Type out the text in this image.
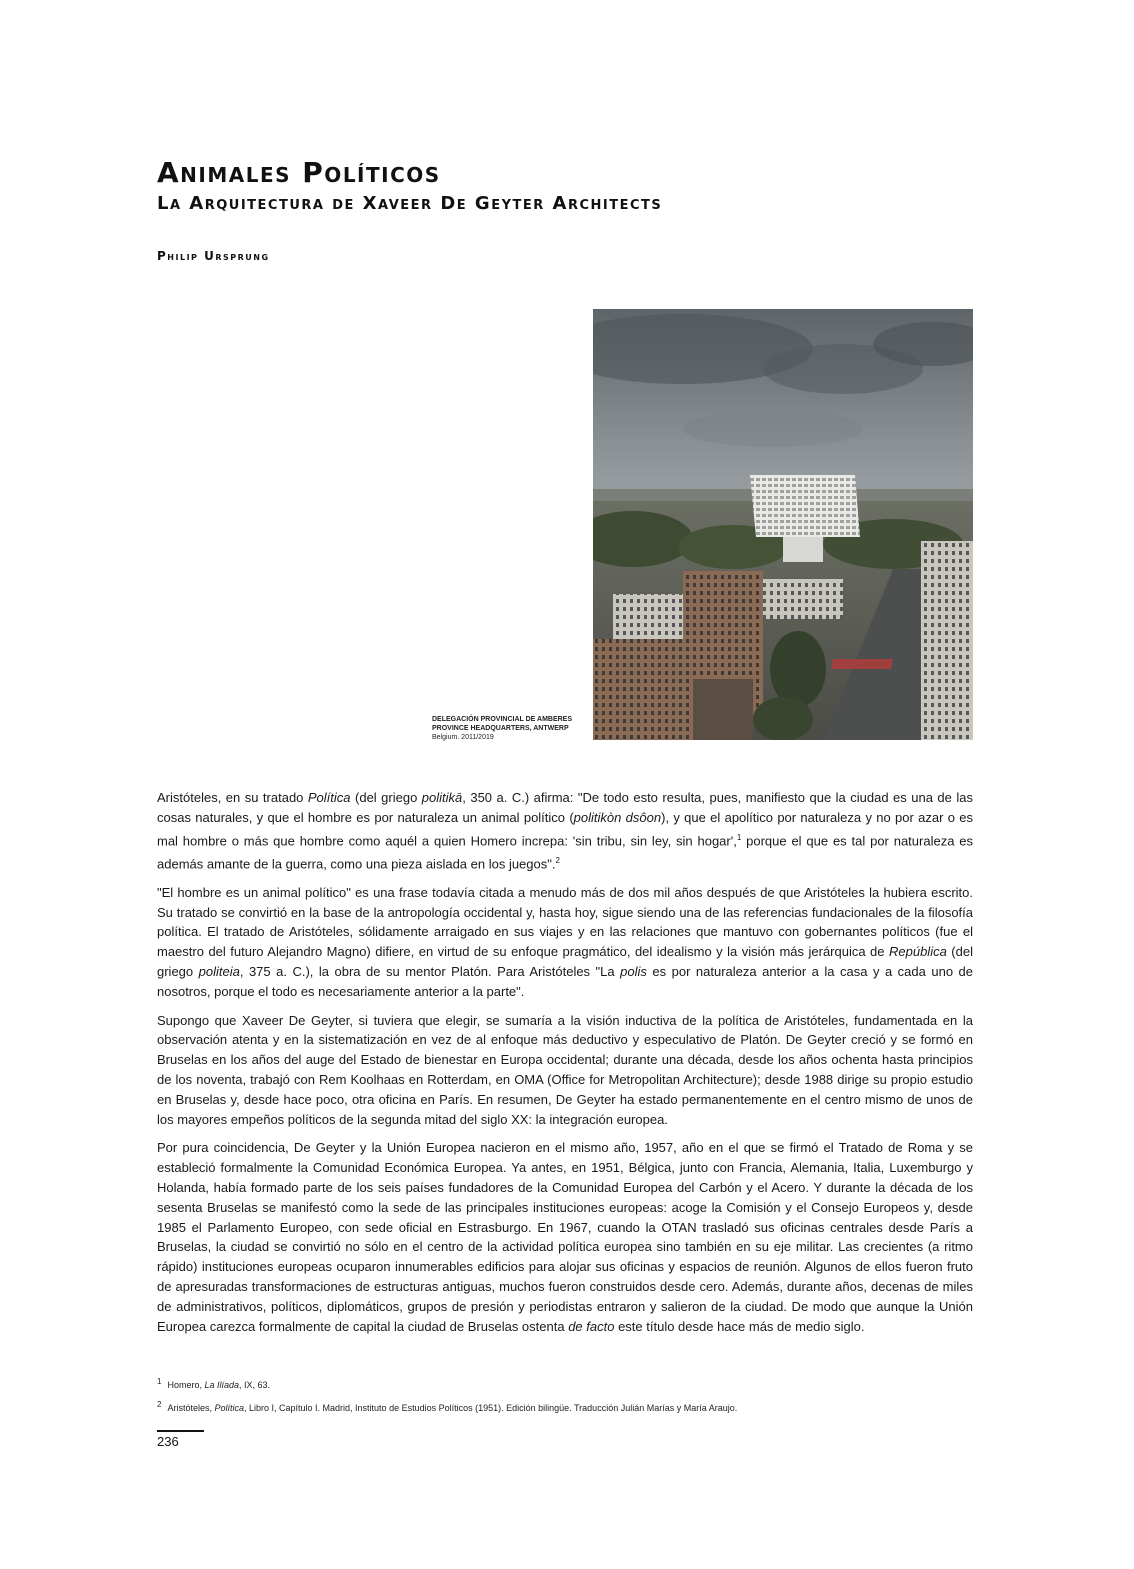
Animales Políticos
La Arquitectura de Xaveer De Geyter Architects
Philip Ursprung
DELEGACIÓN PROVINCIAL DE AMBERES
PROVINCE HEADQUARTERS, ANTWERP
Belgium. 2011/2019

Aristóteles, en su tratado Política (del griego politikā, 350 a. C.) afirma: "De todo esto resulta, pues, manifiesto que la ciudad es una de las cosas naturales, y que el hombre es por naturaleza un animal político (politikòn dsôon), y que el apolítico por naturaleza y no por azar o es mal hombre o más que hombre como aquél a quien Homero increpa: 'sin tribu, sin ley, sin hogar',$^1$ porque el que es tal por naturaleza es además amante de la guerra, como una pieza aislada en los juegos".$^2$

"El hombre es un animal político" es una frase todavía citada a menudo más de dos mil años después de que Aristóteles la hubiera escrito. Su tratado se convirtió en la base de la antropología occidental y, hasta hoy, sigue siendo una de las referencias fundacionales de la filosofía política. El tratado de Aristóteles, sólidamente arraigado en sus viajes y en las relaciones que mantuvo con gobernantes políticos (fue el maestro del futuro Alejandro Magno) difiere, en virtud de su enfoque pragmático, del idealismo y la visión más jerárquica de República (del griego politeia, 375 a. C.), la obra de su mentor Platón. Para Aristóteles "La polis es por naturaleza anterior a la casa y a cada uno de nosotros, porque el todo es necesariamente anterior a la parte".

Supongo que Xaveer De Geyter, si tuviera que elegir, se sumaría a la visión inductiva de la política de Aristóteles, fundamentada en la observación atenta y en la sistematización en vez de al enfoque más deductivo y especulativo de Platón. De Geyter creció y se formó en Bruselas en los años del auge del Estado de bienestar en Europa occidental; durante una década, desde los años ochenta hasta principios de los noventa, trabajó con Rem Koolhaas en Rotterdam, en OMA (Office for Metropolitan Architecture); desde 1988 dirige su propio estudio en Bruselas y, desde hace poco, otra oficina en París. En resumen, De Geyter ha estado permanentemente en el centro mismo de unos de los mayores empeños políticos de la segunda mitad del siglo XX: la integración europea.

Por pura coincidencia, De Geyter y la Unión Europea nacieron en el mismo año, 1957, año en el que se firmó el Tratado de Roma y se estableció formalmente la Comunidad Económica Europea. Ya antes, en 1951, Bélgica, junto con Francia, Alemania, Italia, Luxemburgo y Holanda, había formado parte de los seis países fundadores de la Comunidad Europea del Carbón y el Acero. Y durante la década de los sesenta Bruselas se manifestó como la sede de las principales instituciones europeas: acoge la Comisión y el Consejo Europeos y, desde 1985 el Parlamento Europeo, con sede oficial en Estrasburgo. En 1967, cuando la OTAN trasladó sus oficinas centrales desde París a Bruselas, la ciudad se convirtió no sólo en el centro de la actividad política europea sino también en su eje militar. Las crecientes (a ritmo rápido) instituciones europeas ocuparon innumerables edificios para alojar sus oficinas y espacios de reunión. Algunos de ellos fueron fruto de apresuradas transformaciones de estructuras antiguas, muchos fueron construidos desde cero. Además, durante años, decenas de miles de administrativos, políticos, diplomáticos, grupos de presión y periodistas entraron y salieron de la ciudad. De modo que aunque la Unión Europea carezca formalmente de capital la ciudad de Bruselas ostenta de facto este título desde hace más de medio siglo.

$^1$ Homero, La Ilíada, IX, 63.
$^2$ Aristóteles, Política, Libro I, Capítulo I. Madrid, Instituto de Estudios Políticos (1951). Edición bilingüe. Traducción Julián Marías y María Araujo.
236
